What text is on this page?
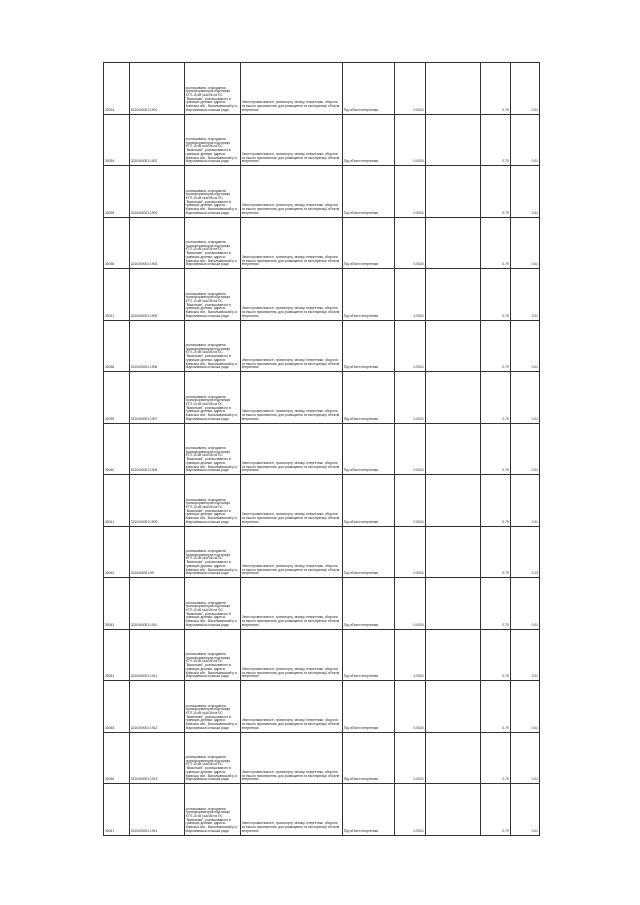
30033	3210400001:1901	розташована, огороджена трансформаторна підстанція КТП-10 кВ №А/36 на ПС "Васильків", розташованого в границях ділянки, адреса: Київська обл., Васильківський р-н, Мархалівська сільська рада	Землі промисловості, транспорту, зв'язку, енергетики, оборони та іншого призначення, для розміщення та експлуатації об'єктів енергетики	Під об'єкти енергетики	0.0024		0.79	0.01

30034	3210400001:1902	розташована, огороджена трансформаторна підстанція КТП-10 кВ №А/36 на ПС "Васильків", розташованого в границях ділянки, адреса: Київська обл., Васильківський р-н, Мархалівська сільська рада	Землі промисловості, транспорту, зв'язку, енергетики, оборони та іншого призначення, для розміщення та експлуатації об'єктів енергетики	Під об'єкти енергетики	0.0024		0.79	0.01

30035	3210400001:1903	розташована, огороджена трансформаторна підстанція КТП-10 кВ №А/36 на ПС "Васильків", розташованого в границях ділянки, адреса: Київська обл., Васильківський р-н, Мархалівська сільська рада	Землі промисловості, транспорту, зв'язку, енергетики, оборони та іншого призначення, для розміщення та експлуатації об'єктів енергетики	Під об'єкти енергетики	0.0024		0.79	0.01

30036	3210400001:1904	розташована, огороджена трансформаторна підстанція КТП-10 кВ №А/36 на ПС "Васильків", розташованого в границях ділянки, адреса: Київська обл., Васильківський р-н, Мархалівська сільська рада	Землі промисловості, транспорту, зв'язку, енергетики, оборони та іншого призначення, для розміщення та експлуатації об'єктів енергетики	Під об'єкти енергетики	0.0024		0.79	0.01

30037	3210400001:1905	розташована, огороджена трансформаторна підстанція КТП-10 кВ №А/36 на ПС "Васильків", розташованого в границях ділянки, адреса: Київська обл., Васильківський р-н, Мархалівська сільська рада	Землі промисловості, транспорту, зв'язку, енергетики, оборони та іншого призначення, для розміщення та експлуатації об'єктів енергетики	Під об'єкти енергетики	0.0024		0.79	0.01

30038	3210400001:1906	розташована, огороджена трансформаторна підстанція КТП-10 кВ №А/36 на ПС "Васильків", розташованого в границях ділянки, адреса: Київська обл., Васильківський р-н, Мархалівська сільська рада	Землі промисловості, транспорту, зв'язку, енергетики, оборони та іншого призначення, для розміщення та експлуатації об'єктів енергетики	Під об'єкти енергетики	0.0024		0.79	0.01

30039	3210400001:1907	розташована, огороджена трансформаторна підстанція КТП-10 кВ №А/36 на ПС "Васильків", розташованого в границях ділянки, адреса: Київська обл., Васильківський р-н, Мархалівська сільська рада	Землі промисловості, транспорту, зв'язку, енергетики, оборони та іншого призначення, для розміщення та експлуатації об'єктів енергетики	Під об'єкти енергетики	0.0024		0.79	0.01

30040	3210400001:1908	розташована, огороджена трансформаторна підстанція КТП-10 кВ №А/36 на ПС "Васильків", розташованого в границях ділянки, адреса: Київська обл., Васильківський р-н, Мархалівська сільська рада	Землі промисловості, транспорту, зв'язку, енергетики, оборони та іншого призначення, для розміщення та експлуатації об'єктів енергетики	Під об'єкти енергетики	0.0024		0.79	0.01

30041	3210400001:1909	розташована, огороджена трансформаторна підстанція КТП-10 кВ №А/36 на ПС "Васильків", розташованого в границях ділянки, адреса: Київська обл., Васильківський р-н, Мархалівська сільська рада	Землі промисловості, транспорту, зв'язку, енергетики, оборони та іншого призначення, для розміщення та експлуатації об'єктів енергетики	Під об'єкти енергетики	0.0024		0.79	0.01

30042	3210400001:99	розташована, огороджена трансформаторна підстанція КТП-10 кВ №А/36 на ПС "Васильків", розташованого в границях ділянки, адреса: Київська обл., Васильківський р-н, Мархалівська сільська рада	Землі промисловості, транспорту, зв'язку, енергетики, оборони та іншого призначення, для розміщення та експлуатації об'єктів енергетики	Під об'єкти енергетики	0.0024		0.79	0.13

30043	3210400001:1910	розташована, огороджена трансформаторна підстанція КТП-10 кВ №А/36 на ПС "Васильків", розташованого в границях ділянки, адреса: Київська обл., Васильківський р-н, Мархалівська сільська рада	Землі промисловості, транспорту, зв'язку, енергетики, оборони та іншого призначення, для розміщення та експлуатації об'єктів енергетики	Під об'єкти енергетики	0.0024		0.79	0.01

30044	3210400001:1911	розташована, огороджена трансформаторна підстанція КТП-10 кВ №А/36 на ПС "Васильків", розташованого в границях ділянки, адреса: Київська обл., Васильківський р-н, Мархалівська сільська рада	Землі промисловості, транспорту, зв'язку, енергетики, оборони та іншого призначення, для розміщення та експлуатації об'єктів енергетики	Під об'єкти енергетики	0.0024		0.79	0.01

30045	3210400001:1912	розташована, огороджена трансформаторна підстанція КТП-10 кВ №А/36 на ПС "Васильків", розташованого в границях ділянки, адреса: Київська обл., Васильківський р-н, Мархалівська сільська рада	Землі промисловості, транспорту, зв'язку, енергетики, оборони та іншого призначення, для розміщення та експлуатації об'єктів енергетики	Під об'єкти енергетики	0.0024		0.79	0.01

30046	3210400001:1913	розташована, огороджена трансформаторна підстанція КТП-10 кВ №А/36 на ПС "Васильків", розташованого в границях ділянки, адреса: Київська обл., Васильківський р-н, Мархалівська сільська рада	Землі промисловості, транспорту, зв'язку, енергетики, оборони та іншого призначення, для розміщення та експлуатації об'єктів енергетики	Під об'єкти енергетики	0.0024		0.79	0.01

30047	3210400001:1914	розташована, огороджена трансформаторна підстанція КТП-10 кВ №А/36 на ПС "Васильків", розташованого в границях ділянки, адреса: Київська обл., Васильківський р-н, Мархалівська сільська рада	Землі промисловості, транспорту, зв'язку, енергетики, оборони та іншого призначення, для розміщення та експлуатації об'єктів енергетики	Під об'єкти енергетики	0.0024		0.79	0.01
